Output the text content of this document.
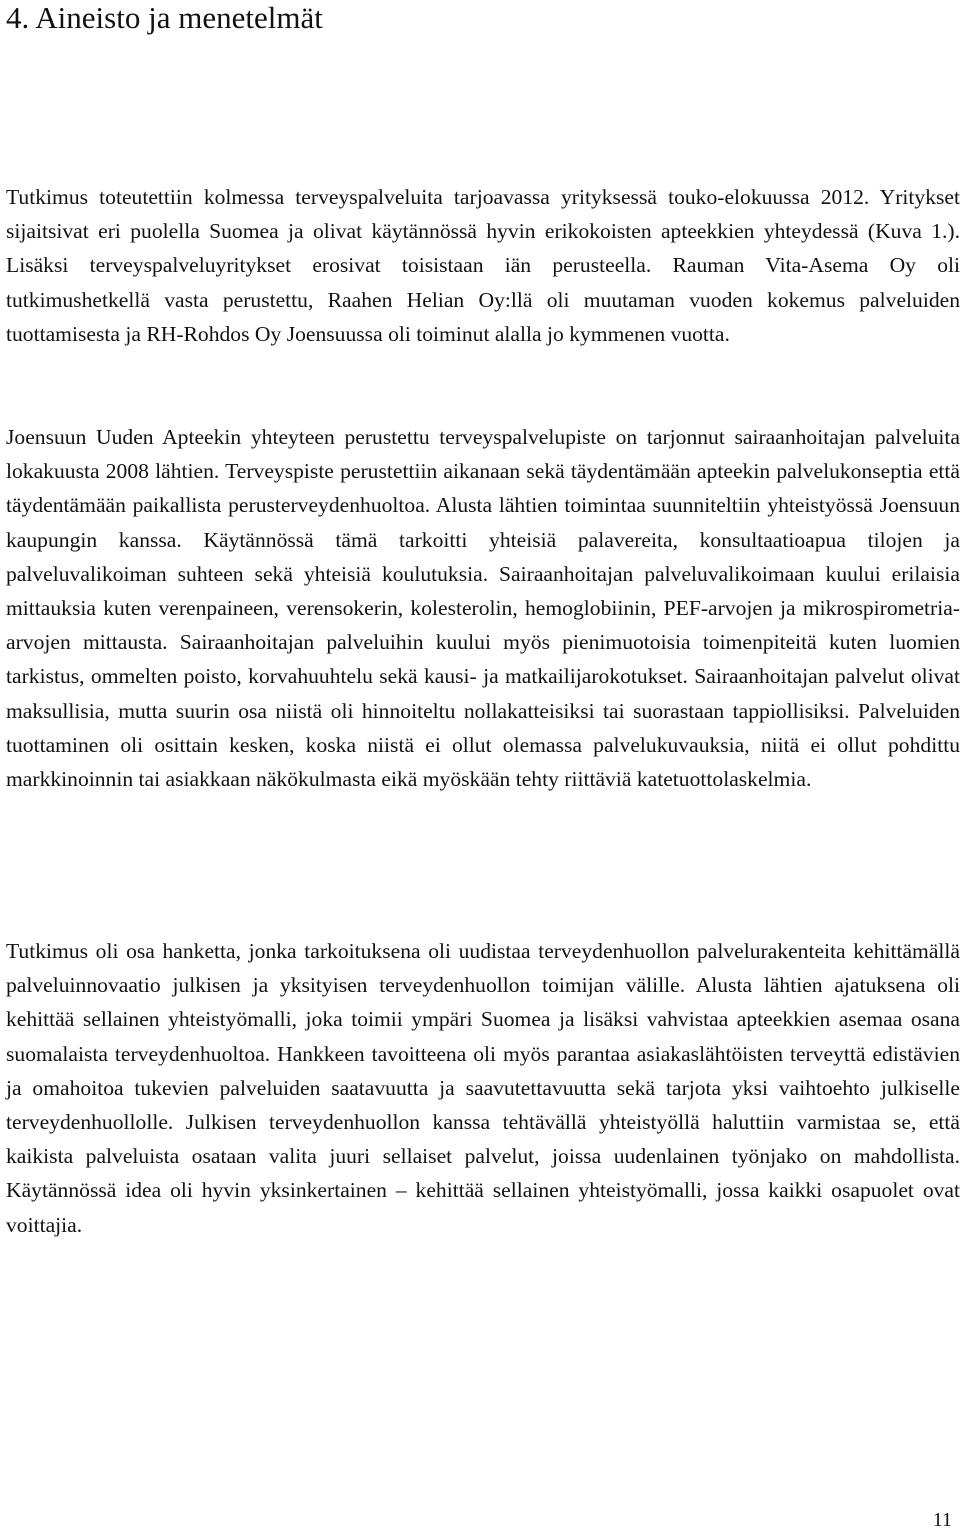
4. Aineisto ja menetelmät

Tutkimus toteutettiin kolmessa terveyspalveluita tarjoavassa yrityksessä touko-elokuussa 2012. Yritykset sijaitsivat eri puolella Suomea ja olivat käytännössä hyvin erikokoisten apteekkien yhteydessä (Kuva 1.). Lisäksi terveyspalveluyritykset erosivat toisistaan iän perusteella. Rauman Vita-Asema Oy oli tutkimushetkellä vasta perustettu, Raahen Helian Oy:llä oli muutaman vuoden kokemus palveluiden tuottamisesta ja RH-Rohdos Oy Joensuussa oli toiminut alalla jo kymmenen vuotta.

Joensuun Uuden Apteekin yhteyteen perustettu terveyspalvelupiste on tarjonnut sairaanhoitajan palveluita lokakuusta 2008 lähtien. Terveyspiste perustettiin aikanaan sekä täydentämään apteekin palvelukonseptia että täydentämään paikallista perusterveydenhuoltoa. Alusta lähtien toimintaa suunniteltiin yhteistyössä Joensuun kaupungin kanssa. Käytännössä tämä tarkoitti yhteisiä palavereita, konsultaatioapua tilojen ja palveluvalikoiman suhteen sekä yhteisiä koulutuksia. Sairaanhoitajan palveluvalikoimaan kuului erilaisia mittauksia kuten verenpaineen, verensokerin, kolesterolin, hemoglobiinin, PEF-arvojen ja mikrospirometria-arvojen mittausta. Sairaanhoitajan palveluihin kuului myös pienimuotoisia toimenpiteitä kuten luomien tarkistus, ommelten poisto, korvahuuhtelu sekä kausi- ja matkailijarokotukset. Sairaanhoitajan palvelut olivat maksullisia, mutta suurin osa niistä oli hinnoiteltu nollakatteisiksi tai suorastaan tappiollisiksi. Palveluiden tuottaminen oli osittain kesken, koska niistä ei ollut olemassa palvelukuvauksia, niitä ei ollut pohdittu markkinoinnin tai asiakkaan näkökulmasta eikä myöskään tehty riittäviä katetuottolaskelmia.

Tutkimus oli osa hanketta, jonka tarkoituksena oli uudistaa terveydenhuollon palvelurakenteita kehittämällä palveluinnovaatio julkisen ja yksityisen terveydenhuollon toimijan välille. Alusta lähtien ajatuksena oli kehittää sellainen yhteistyömalli, joka toimii ympäri Suomea ja lisäksi vahvistaa apteekkien asemaa osana suomalaista terveydenhuoltoa. Hankkeen tavoitteena oli myös parantaa asiakaslähtöisten terveyttä edistävien ja omahoitoa tukevien palveluiden saatavuutta ja saavutettavuutta sekä tarjota yksi vaihtoehto julkiselle terveydenhuollolle. Julkisen terveydenhuollon kanssa tehtävällä yhteistyöllä haluttiin varmistaa se, että kaikista palveluista osataan valita juuri sellaiset palvelut, joissa uudenlainen työnjako on mahdollista. Käytännössä idea oli hyvin yksinkertainen – kehittää sellainen yhteistyömalli, jossa kaikki osapuolet ovat voittajia.

11
